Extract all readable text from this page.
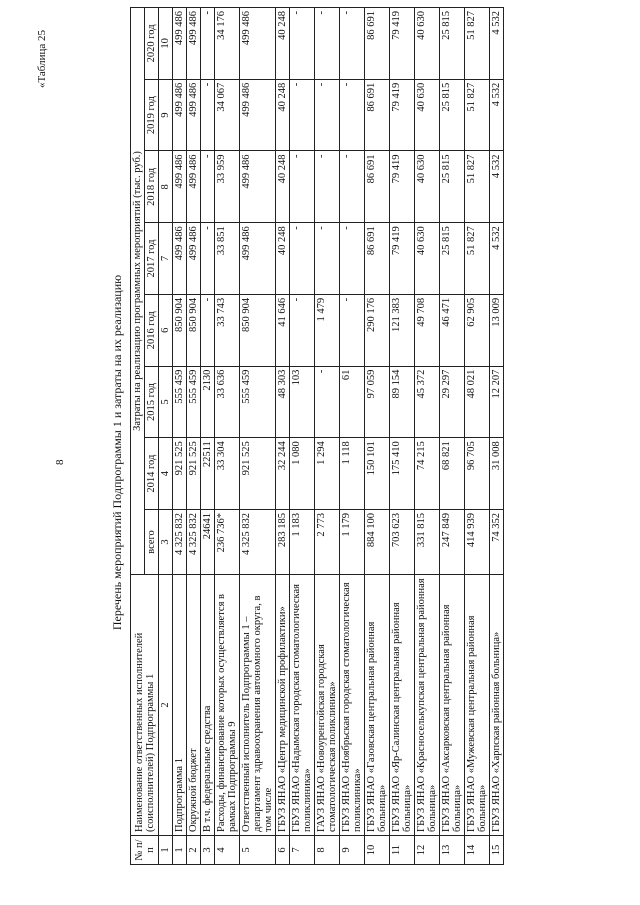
8
«Таблица 25
Перечень мероприятий Подпрограммы 1 и затраты на их реализацию
№ п/п	Наименование ответственных исполнителей (соисполнителей) Подпрограммы 1	Затраты на реализацию программных мероприятий (тыс. руб.)							
		всего	2014 год	2015 год	2016 год	2017 год	2018 год	2019 год	2020 год
1	2	3	4	5	6	7	8	9	10
1	Подпрограмма 1	4 325 832	921 525	555 459	850 904	499 486	499 486	499 486	499 486
2	Окружной бюджет	4 325 832	921 525	555 459	850 904	499 486	499 486	499 486	499 486
3	В т.ч. федеральные средства	24641	22511	2130	-	-	-	-	-
4	Расходы, финансирование которых осуществляется в рамках Подпрограммы 9	236 736*	33 304	33 636	33 743	33 851	33 959	34 067	34 176
5	Ответственный исполнитель Подпрограммы 1 – департамент здравоохранения автономного округа, в том числе	4 325 832	921 525	555 459	850 904	499 486	499 486	499 486	499 486
6	ГБУЗ ЯНАО «Центр медицинской профилактики»	283 185	32 244	48 303	41 646	40 248	40 248	40 248	40 248
7	ГБУЗ ЯНАО «Надымская городская стоматологическая поликлиника»	1 183	1 080	103	-	-	-	-	-
8	ГАУЗ ЯНАО «Новоуренгойская городская стоматологическая поликлиника»	2 773	1 294	-	1 479	-	-	-	-
9	ГБУЗ ЯНАО «Ноябрьская городская стоматологическая поликлиника»	1 179	1 118	61	-	-	-	-	-
10	ГБУЗ ЯНАО «Газовская центральная районная больница»	884 100	150 101	97 059	290 176	86 691	86 691	86 691	86 691
11	ГБУЗ ЯНАО «Яр-Салинская центральная районная больница»	703 623	175 410	89 154	121 383	79 419	79 419	79 419	79 419
12	ГБУЗ ЯНАО «Красноселькупская центральная районная больница»	331 815	74 215	45 372	49 708	40 630	40 630	40 630	40 630
13	ГБУЗ ЯНАО «Аксарковская центральная районная больница»	247 849	68 821	29 297	46 471	25 815	25 815	25 815	25 815
14	ГБУЗ ЯНАО «Мужевская центральная районная больница»	414 939	96 705	48 021	62 905	51 827	51 827	51 827	51 827
15	ГБУЗ ЯНАО «Харпская районная больница»	74 352	31 008	12 207	13 009	4 532	4 532	4 532	4 532
